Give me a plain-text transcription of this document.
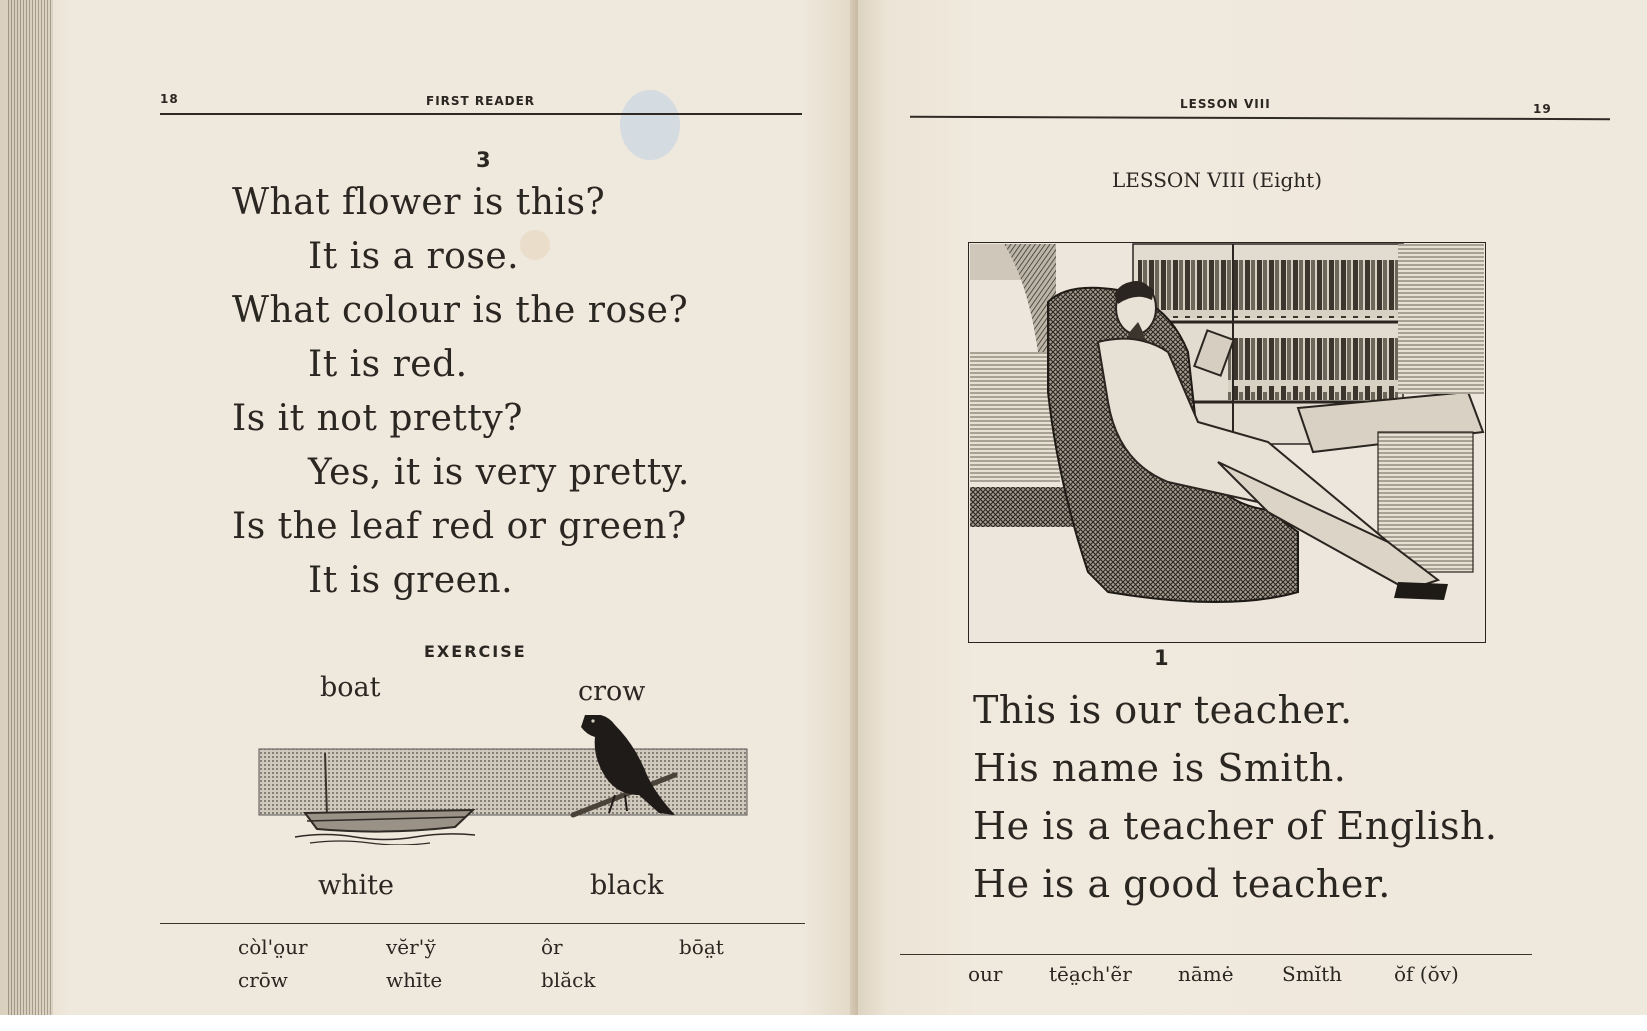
18	FIRST READER
3
What flower is this?
It is a rose.
What colour is the rose?
It is red.
Is it not pretty?
Yes, it is very pretty.
Is the leaf red or green?
It is green.
EXERCISE
boat	crow
white	black
còl'o̤ur	vĕr'ў	ôr	bōa̤t
crōw	whīte	blăck
LESSON VIII	19
LESSON VIII (Eight)
1
This is our teacher.
His name is Smith.
He is a teacher of English.
He is a good teacher.
our tēa̤ch'ẽr nāmė Smĭth	ŏf (ŏv)
